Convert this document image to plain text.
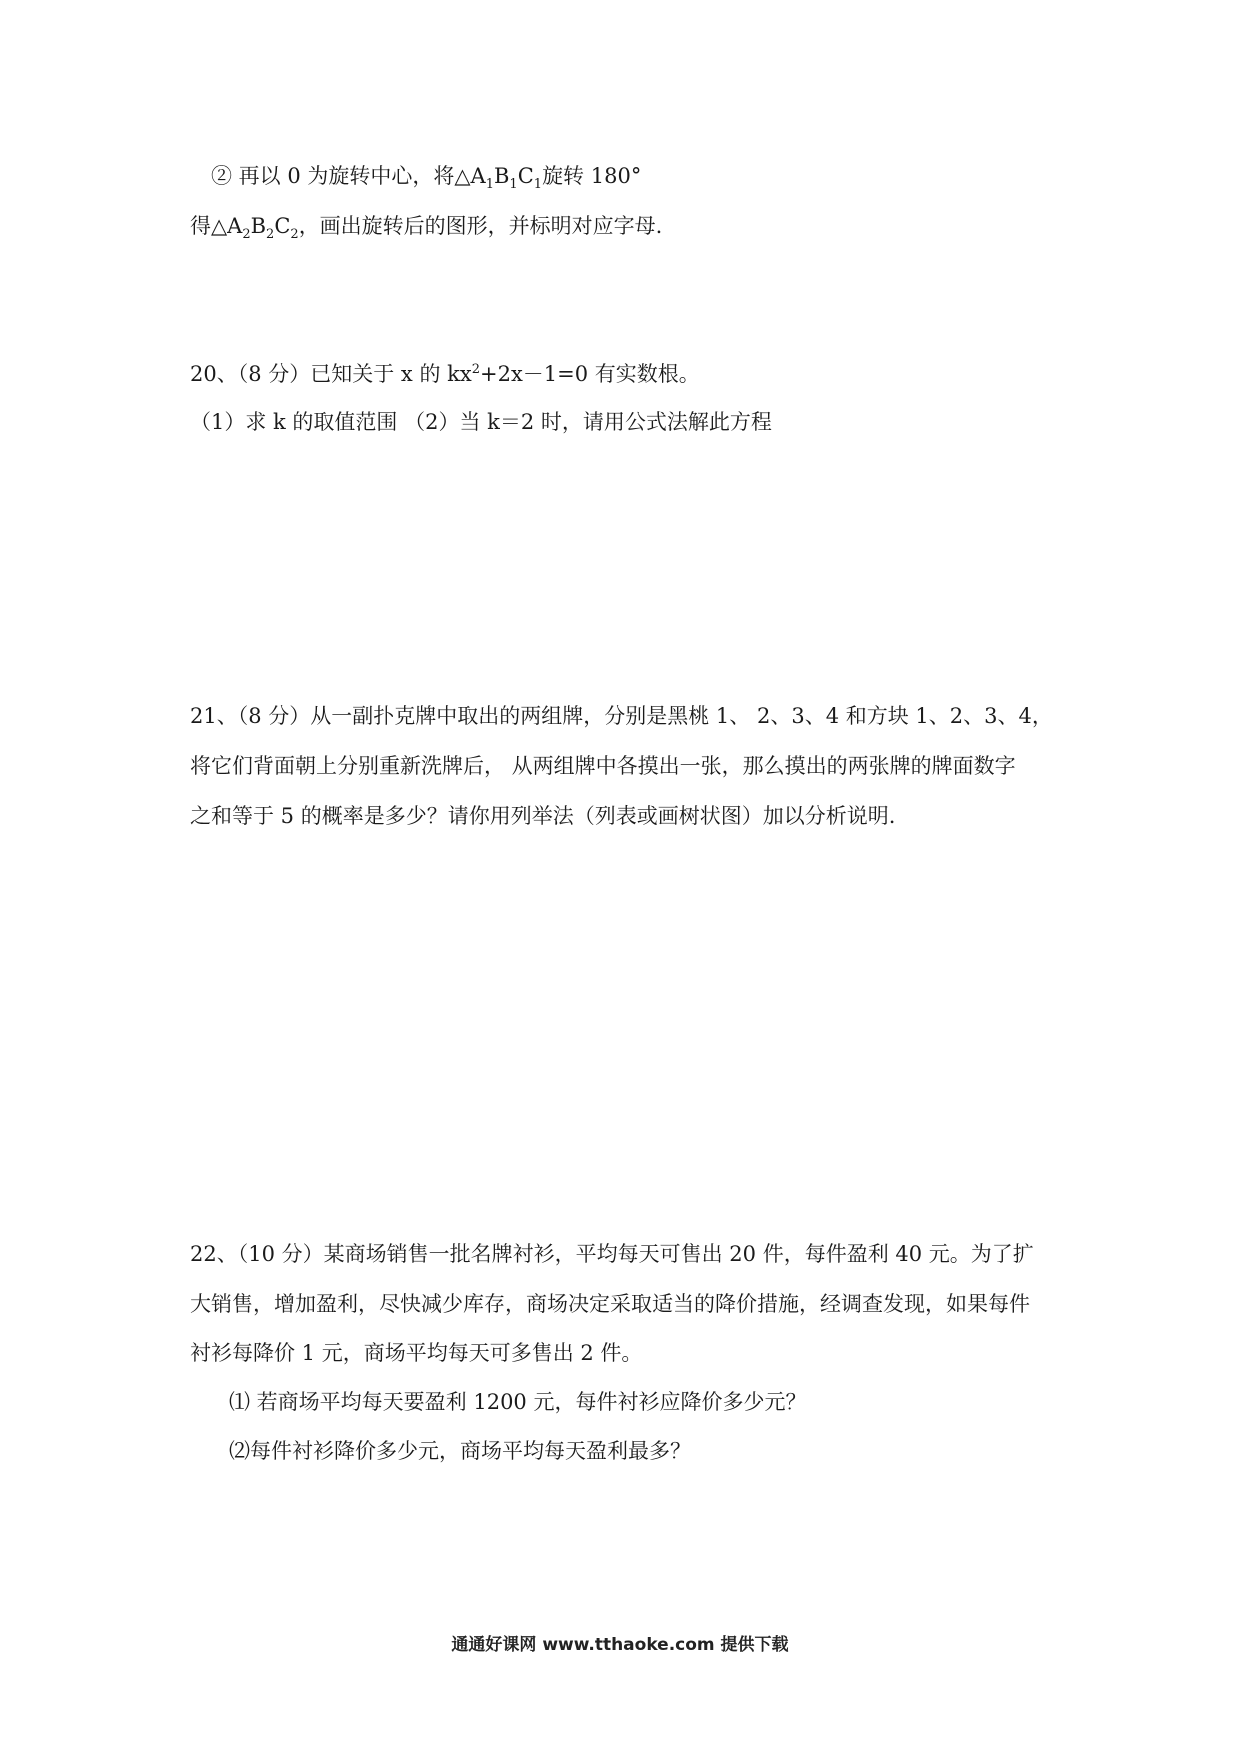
② 再以 0 为旋转中心，将$\triangle A_1B_1C_1$旋转 180°
得$\triangle A_2B_2C_2$，画出旋转后的图形，并标明对应字母.
20、（8 分）已知关于 x 的 $kx^2+2x-1=0$ 有实数根。
（1）求 k 的取值范围 （2）当 k＝2 时，请用公式法解此方程
21、（8 分）从一副扑克牌中取出的两组牌，分别是黑桃 1、 2、3、4 和方块 1、2、3、4，
将它们背面朝上分别重新洗牌后， 从两组牌中各摸出一张，那么摸出的两张牌的牌面数字
之和等于 5 的概率是多少？请你用列举法（列表或画树状图）加以分析说明.
22、（10 分）某商场销售一批名牌衬衫，平均每天可售出 20 件，每件盈利 40 元。为了扩
大销售，增加盈利，尽快减少库存，商场决定采取适当的降价措施，经调查发现，如果每件
衬衫每降价 1 元，商场平均每天可多售出 2 件。
⑴ 若商场平均每天要盈利 1200 元，每件衬衫应降价多少元？
⑵每件衬衫降价多少元，商场平均每天盈利最多？
通通好课网 www.tthaoke.com 提供下载
